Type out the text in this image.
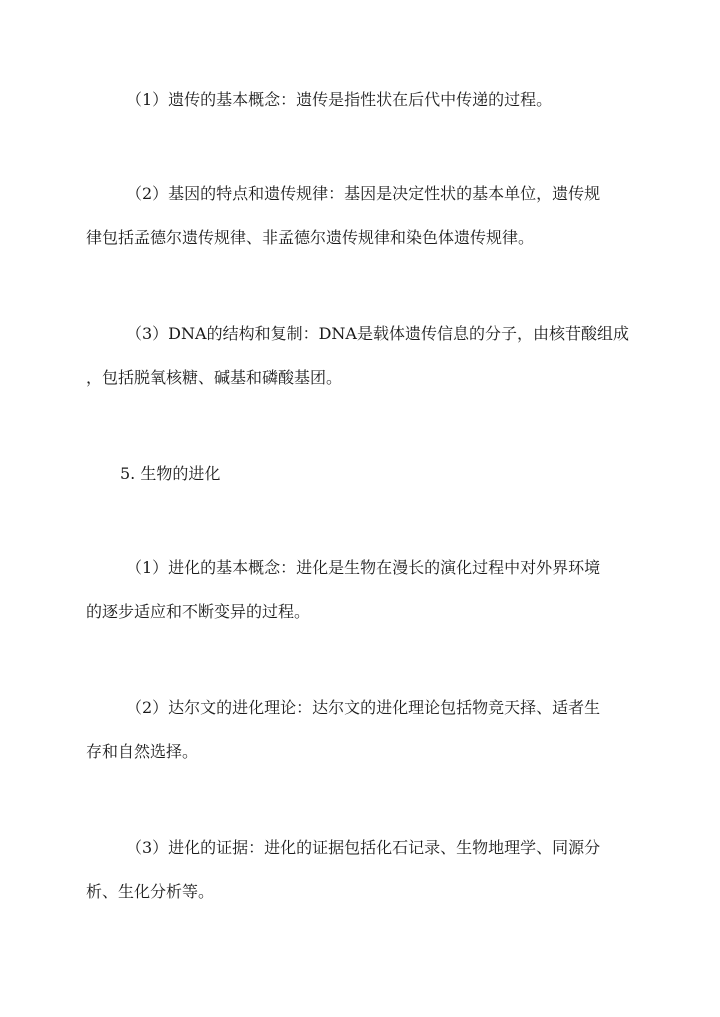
（1）遗传的基本概念：遗传是指性状在后代中传递的过程。

（2）基因的特点和遗传规律：基因是决定性状的基本单位，遗传规
律包括孟德尔遗传规律、非孟德尔遗传规律和染色体遗传规律。

（3）DNA的结构和复制：DNA是载体遗传信息的分子，由核苷酸组成
，包括脱氧核糖、碱基和磷酸基团。

5. 生物的进化

（1）进化的基本概念：进化是生物在漫长的演化过程中对外界环境
的逐步适应和不断变异的过程。

（2）达尔文的进化理论：达尔文的进化理论包括物竞天择、适者生
存和自然选择。

（3）进化的证据：进化的证据包括化石记录、生物地理学、同源分
析、生化分析等。
